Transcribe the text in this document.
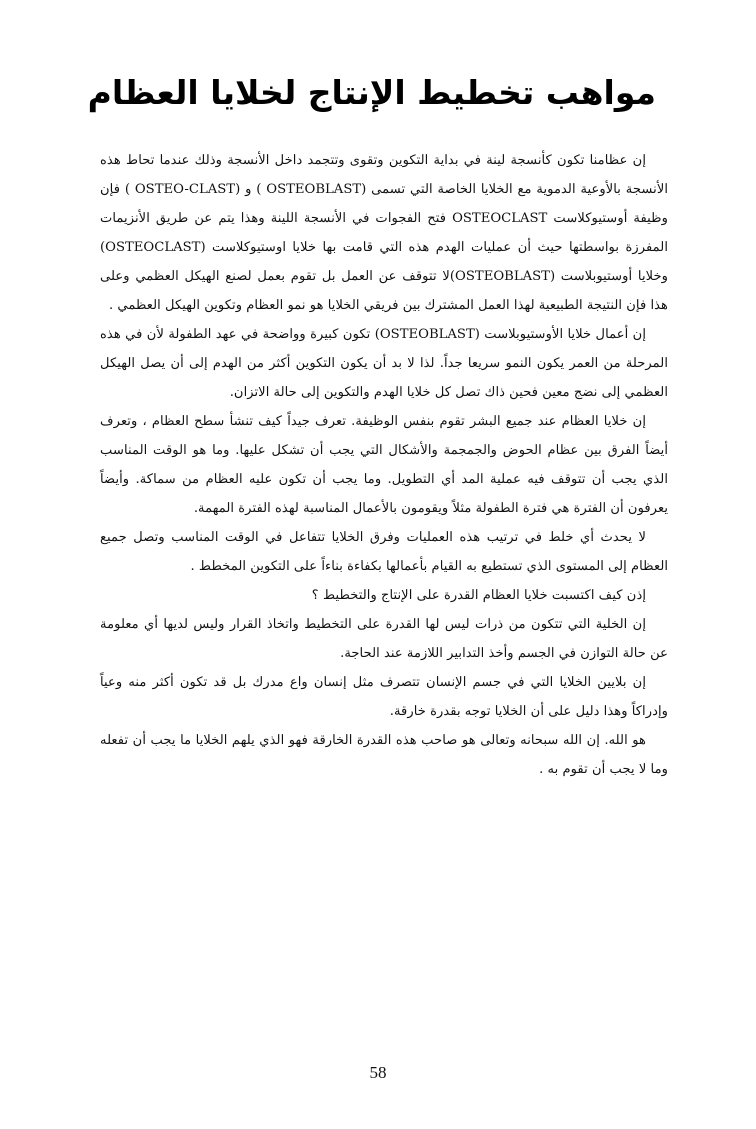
مواهب تخطيط الإنتاج لخلايا العظام

إن عظامنا تكون كأنسجة لينة في بداية التكوين وتقوى وتتجمد داخل الأنسجة وذلك عندما تحاط هذه الأنسجة بالأوعية الدموية مع الخلايا الخاصة التي تسمى (OSTEOBLAST ) و (OSTEO-CLAST ) فإن وظيفة أوستيوكلاست OSTEOCLAST فتح الفجوات في الأنسجة اللينة وهذا يتم عن طريق الأنزيمات المفرزة بواسطتها حيث أن عمليات الهدم هذه التي قامت بها خلايا اوستيوكلاست (OSTEOCLAST) وخلايا أوستيوبلاست (OSTEOBLAST)لا تتوقف عن العمل بل تقوم بعمل لصنع الهيكل العظمي وعلى هذا فإن النتيجة الطبيعية لهذا العمل المشترك بين فريقي الخلايا هو نمو العظام وتكوين الهيكل العظمي .

إن أعمال خلايا الأوستيوبلاست (OSTEOBLAST) تكون كبيرة وواضحة في عهد الطفولة لأن في هذه المرحلة من العمر يكون النمو سريعا جداً. لذا لا بد أن يكون التكوين أكثر من الهدم إلى أن يصل الهيكل العظمي إلى نضج معين فحين ذاك تصل كل خلايا الهدم والتكوين إلى حالة الاتزان.

إن خلايا العظام عند جميع البشر تقوم بنفس الوظيفة. تعرف جيداً كيف تنشأ سطح العظام ، وتعرف أيضاً الفرق بين عظام الحوض والجمجمة والأشكال التي يجب أن تشكل عليها. وما هو الوقت المناسب الذي يجب أن تتوقف فيه عملية المد أي التطويل. وما يجب أن تكون عليه العظام من سماكة. وأيضاً يعرفون أن الفترة هي فترة الطفولة مثلاً ويقومون بالأعمال المناسبة لهذه الفترة المهمة.

لا يحدث أي خلط في ترتيب هذه العمليات وفرق الخلايا تتفاعل في الوقت المناسب وتصل جميع العظام إلى المستوى الذي تستطيع به القيام بأعمالها بكفاءة بناءاً على التكوين المخطط .

إذن كيف اكتسبت خلايا العظام القدرة على الإنتاج والتخطيط ؟

إن الخلية التي تتكون من ذرات ليس لها القدرة على التخطيط واتخاذ القرار وليس لديها أي معلومة عن حالة التوازن في الجسم وأخذ التدابير اللازمة عند الحاجة.

إن بلايين الخلايا التي في جسم الإنسان تتصرف مثل إنسان واع مدرك بل قد تكون أكثر منه وعياً وإدراكاً وهذا دليل على أن الخلايا توجه بقدرة خارقة.

هو الله. إن الله سبحانه وتعالى هو صاحب هذه القدرة الخارقة فهو الذي يلهم الخلايا ما يجب أن تفعله وما لا يجب أن تقوم به .

58
